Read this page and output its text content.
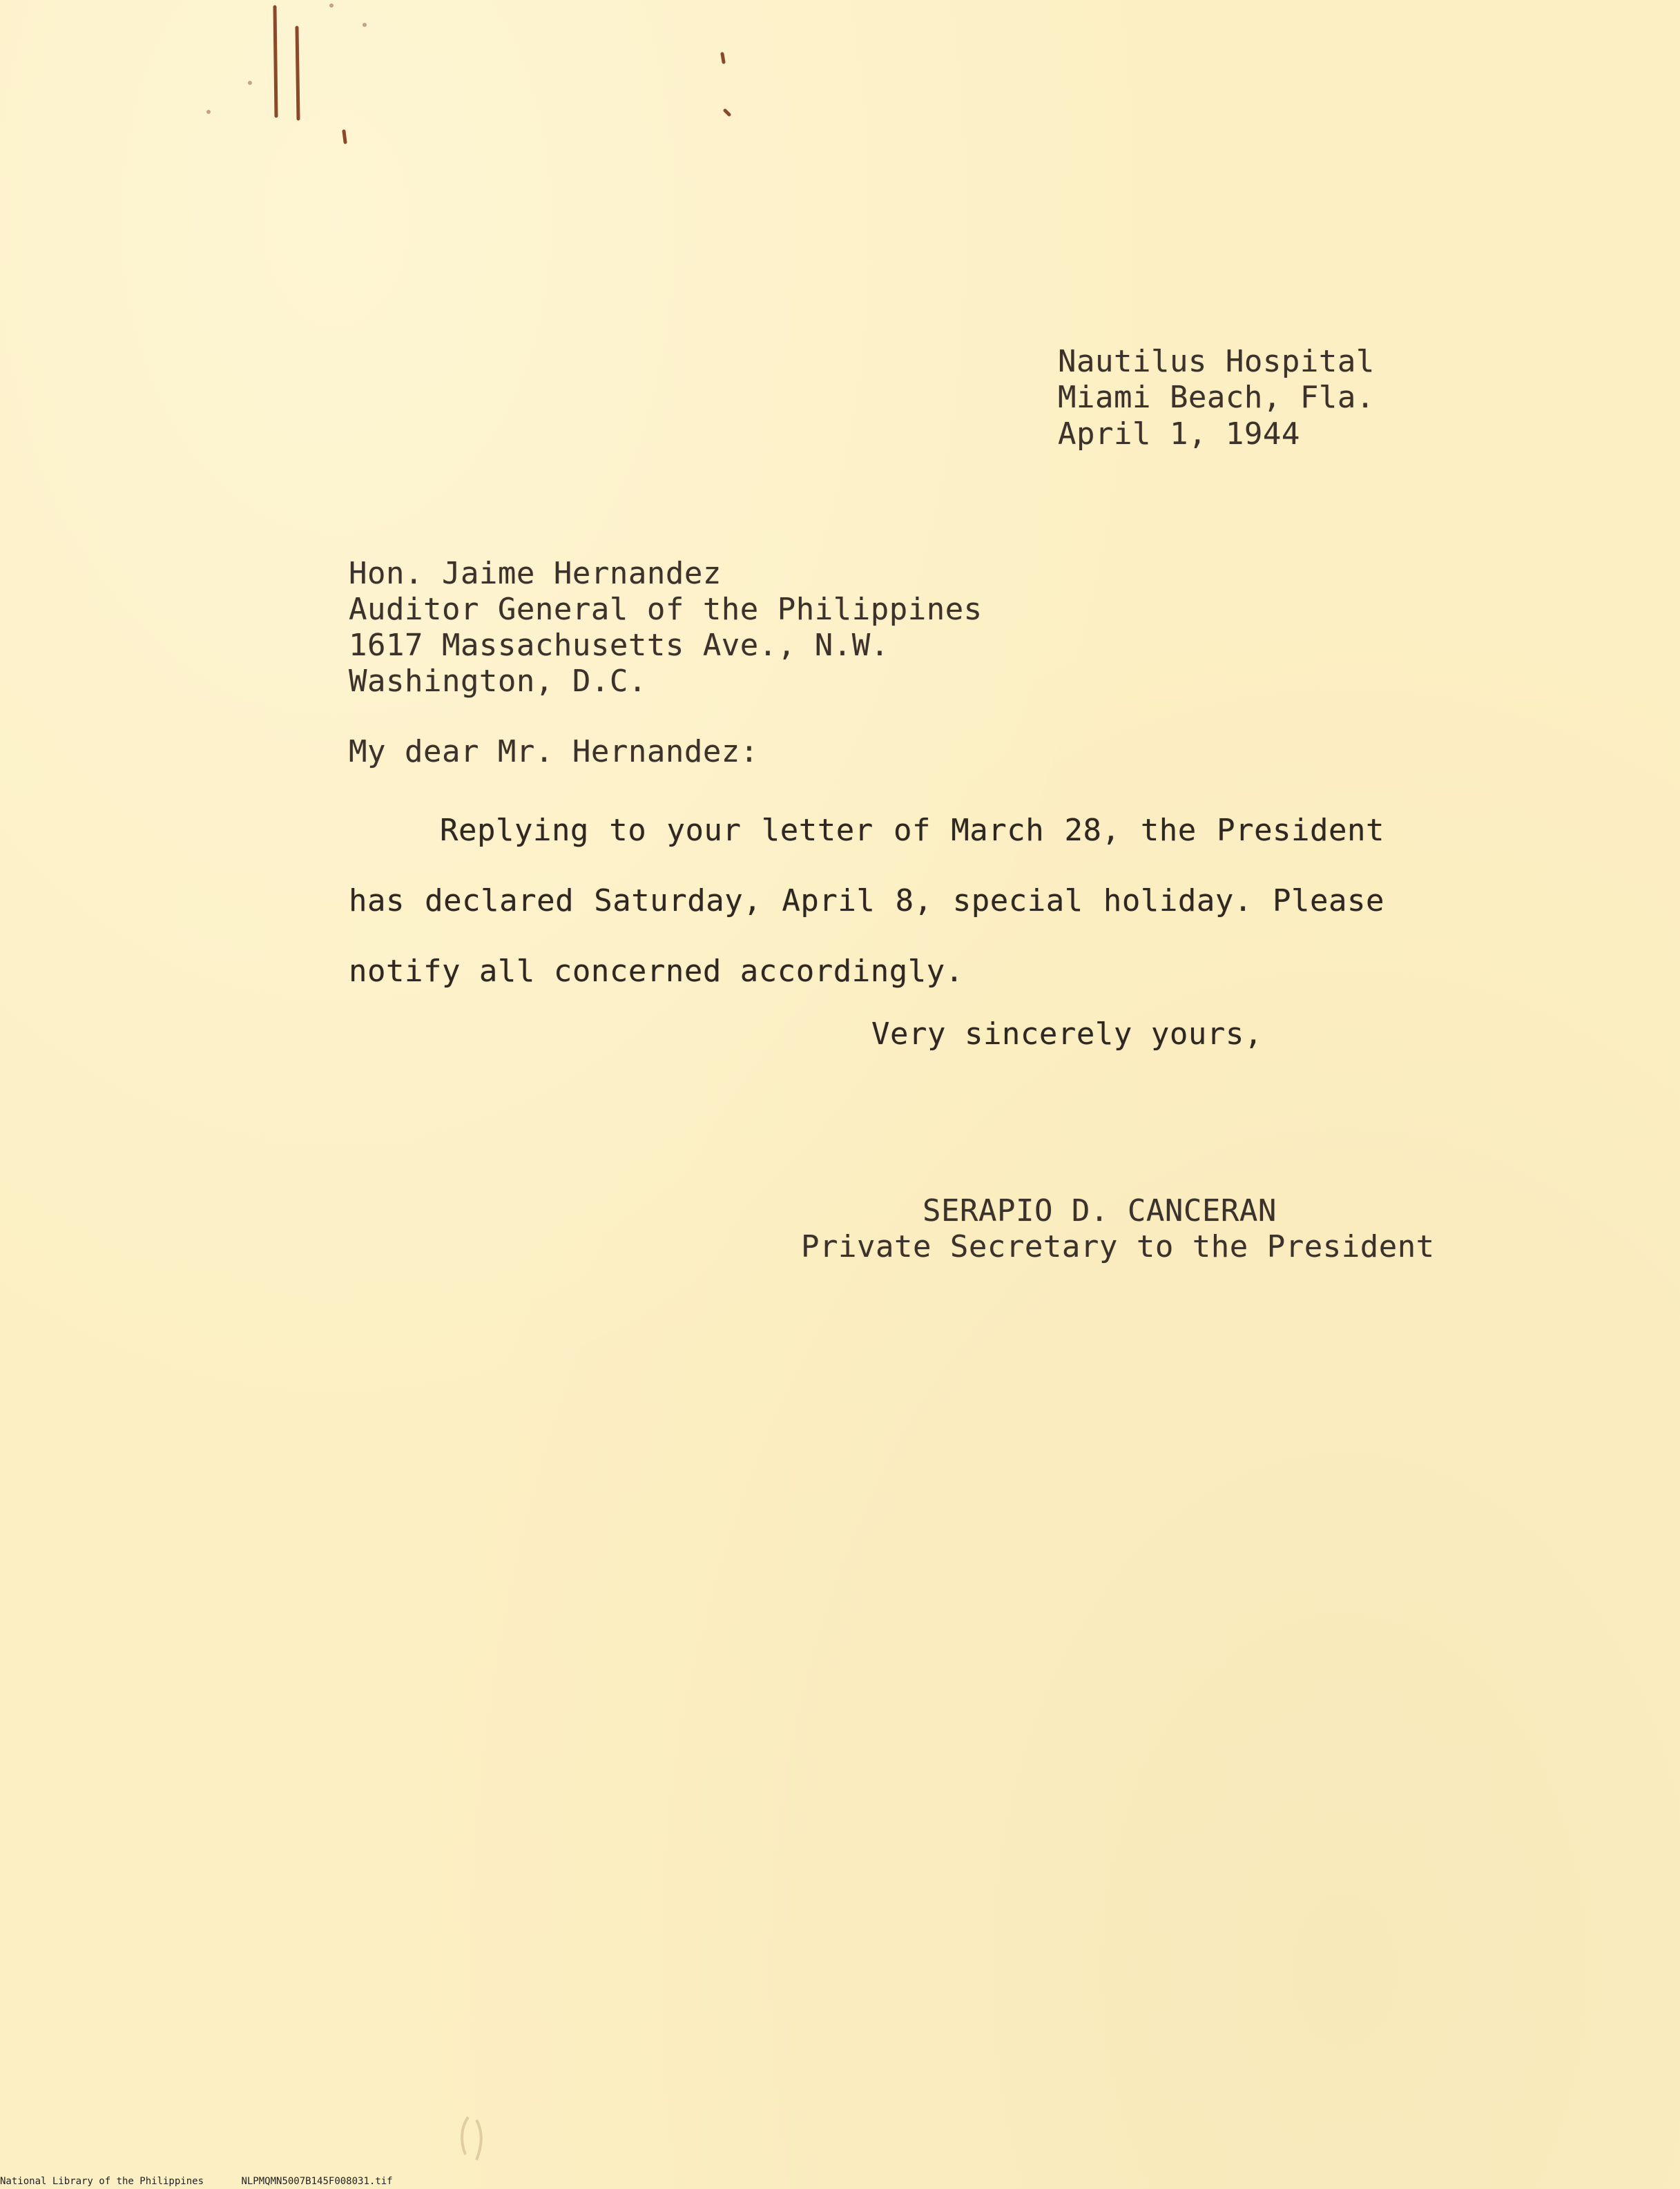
Nautilus Hospital
Miami Beach, Fla.
April 1, 1944
Hon. Jaime Hernandez
Auditor General of the Philippines
1617 Massachusetts Ave., N.W.
Washington, D.C.
My dear Mr. Hernandez:
Replying to your letter of March 28, the President has declared Saturday, April 8, special holiday. Please notify all concerned accordingly.
Very sincerely yours,
SERAPIO D. CANCERAN
Private Secretary to the President
National Library of the Philippines	NLPMQMN5007B145F008031.tif
